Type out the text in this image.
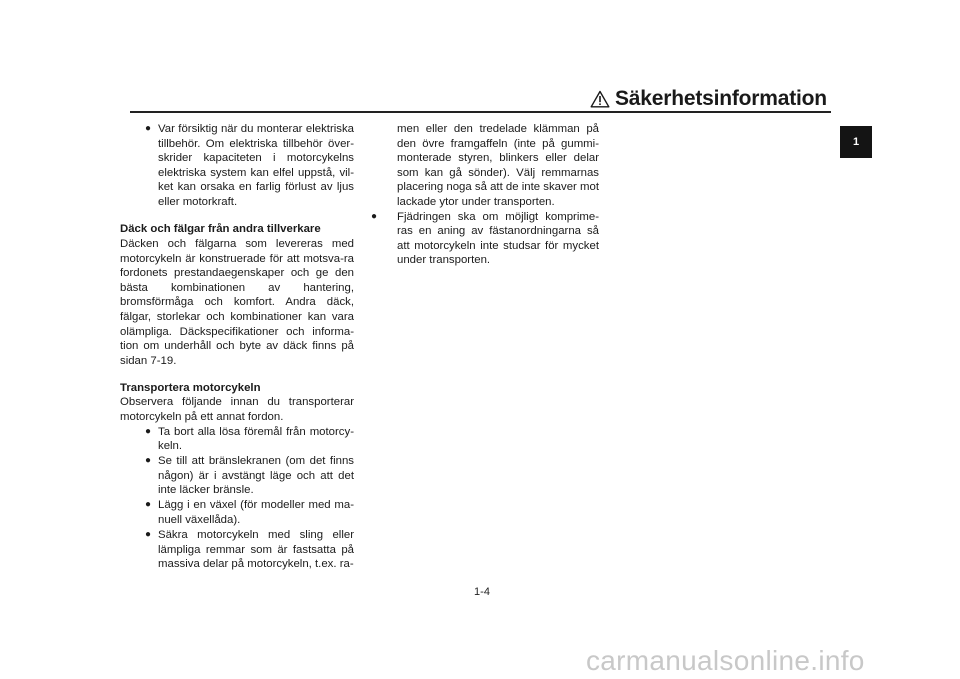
Säkerhetsinformation
1
● Var försiktig när du monterar elektriska tillbehör. Om elektriska tillbehör över-skrider kapaciteten i motorcykelns elektriska system kan elfel uppstå, vil-ket kan orsaka en farlig förlust av ljus eller motorkraft.

Däck och fälgar från andra tillverkare

Däcken och fälgarna som levereras med motorcykeln är konstruerade för att motsva-ra fordonets prestandaegenskaper och ge den bästa kombinationen av hantering, bromsförmåga och komfort. Andra däck, fälgar, storlekar och kombinationer kan vara olämpliga. Däckspecifikationer och informa-tion om underhåll och byte av däck finns på sidan 7-19.

Transportera motorcykeln

Observera följande innan du transporterar motorcykeln på ett annat fordon.

● Ta bort alla lösa föremål från motorcy-keln.
● Se till att bränslekranen (om det finns någon) är i avstängt läge och att det inte läcker bränsle.
● Lägg i en växel (för modeller med ma-nuell växellåda).
● Säkra motorcykeln med sling eller lämpliga remmar som är fastsatta på massiva delar på motorcykeln, t.ex. ra-

men eller den tredelade klämman på den övre framgaffeln (inte på gummi-monterade styren, blinkers eller delar som kan gå sönder). Välj remmarnas placering noga så att de inte skaver mot lackade ytor under transporten.

●	Fjädringen ska om möjligt komprime-ras en aning av fästanordningarna så att motorcykeln inte studsar för mycket under transporten.
1-4
carmanualsonline.info
